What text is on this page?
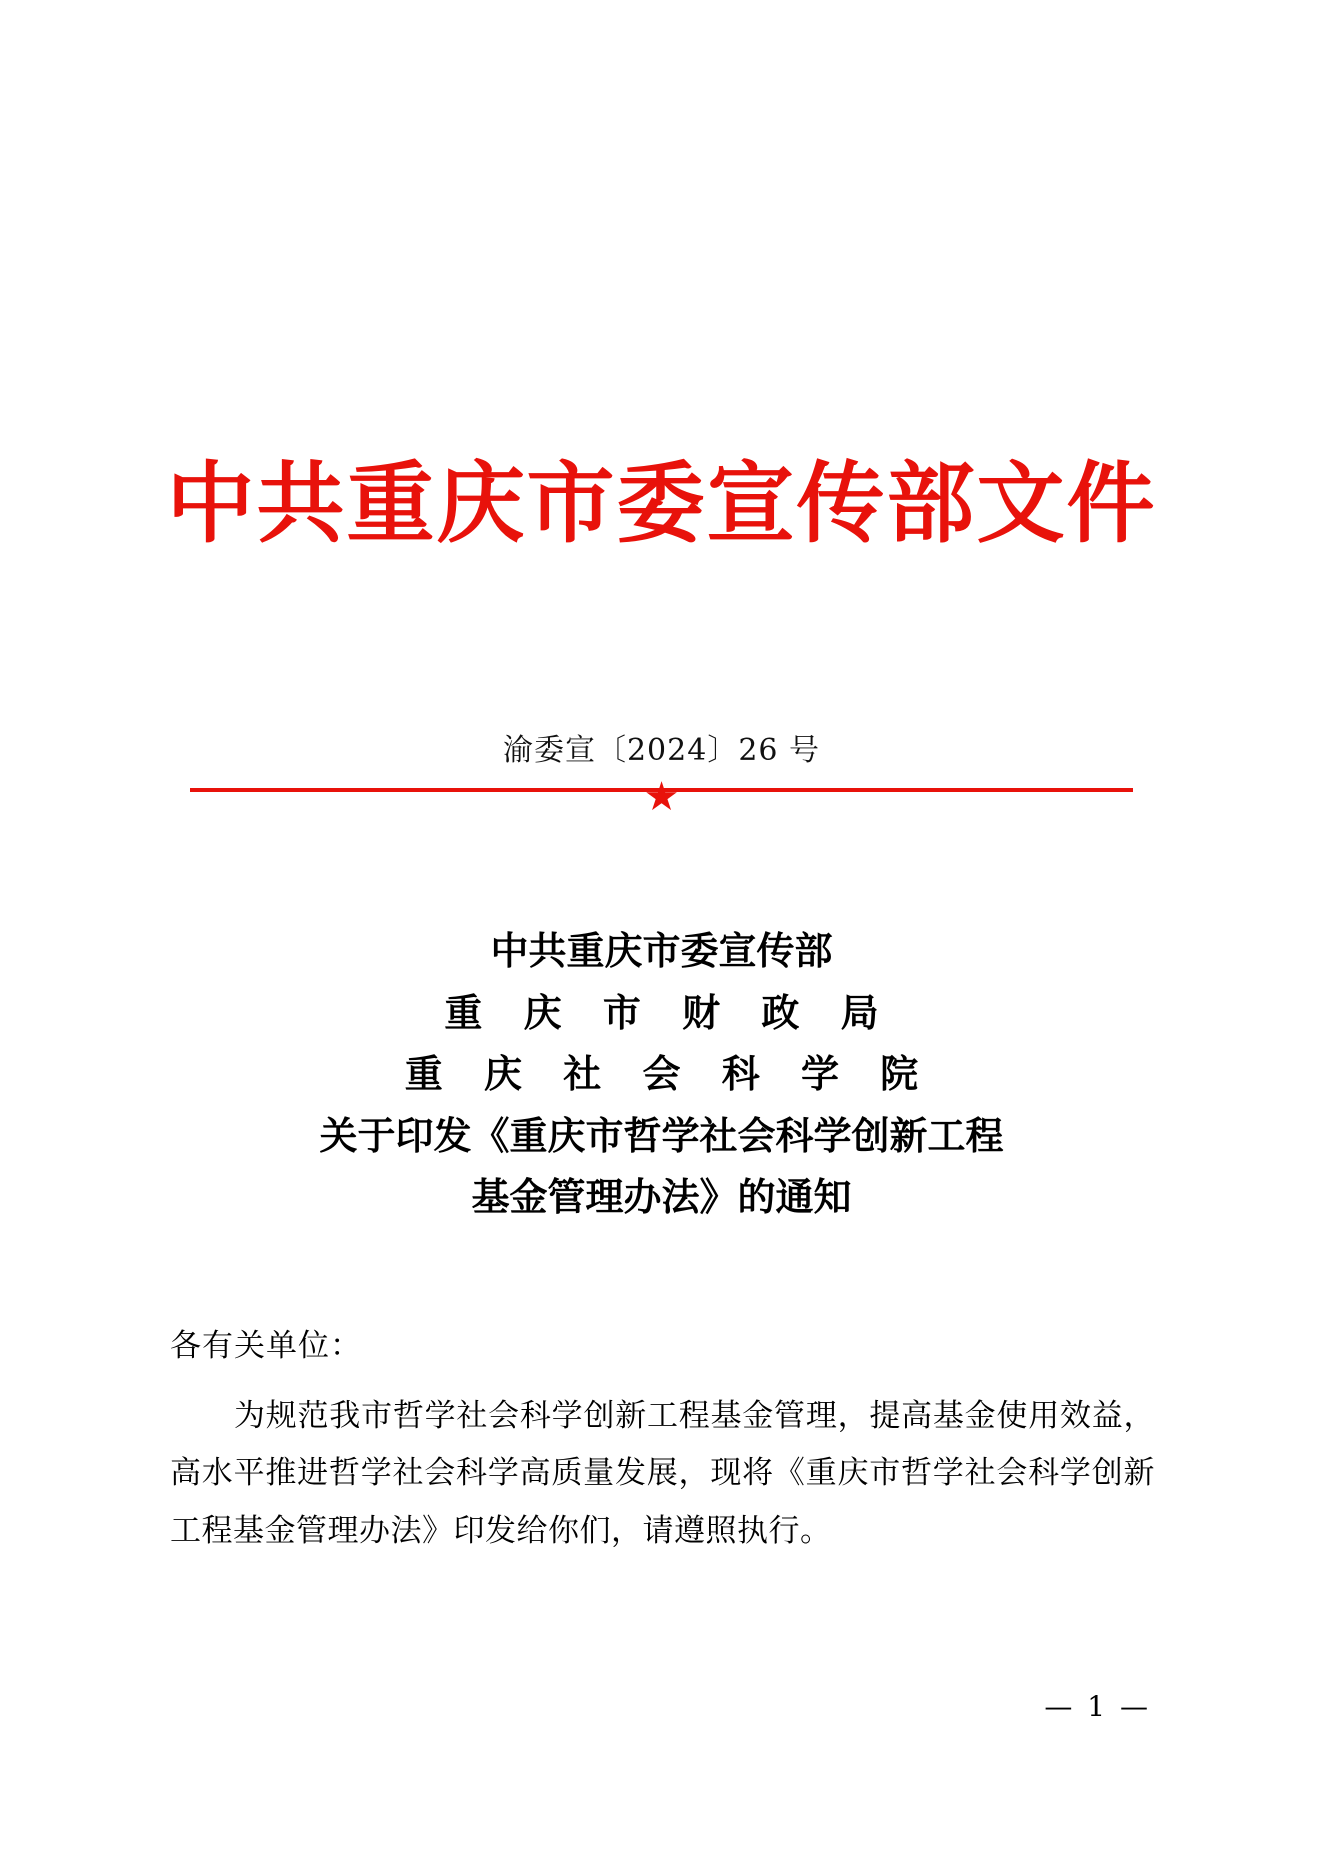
中共重庆市委宣传部文件
渝委宣〔2024〕26 号
★
中共重庆市委宣传部
重 庆 市 财 政 局
重 庆 社 会 科 学 院
关于印发《重庆市哲学社会科学创新工程
基金管理办法》的通知
各有关单位：
为规范我市哲学社会科学创新工程基金管理，提高基金使用效益，高水平推进哲学社会科学高质量发展，现将《重庆市哲学社会科学创新工程基金管理办法》印发给你们，请遵照执行。
— 1 —
